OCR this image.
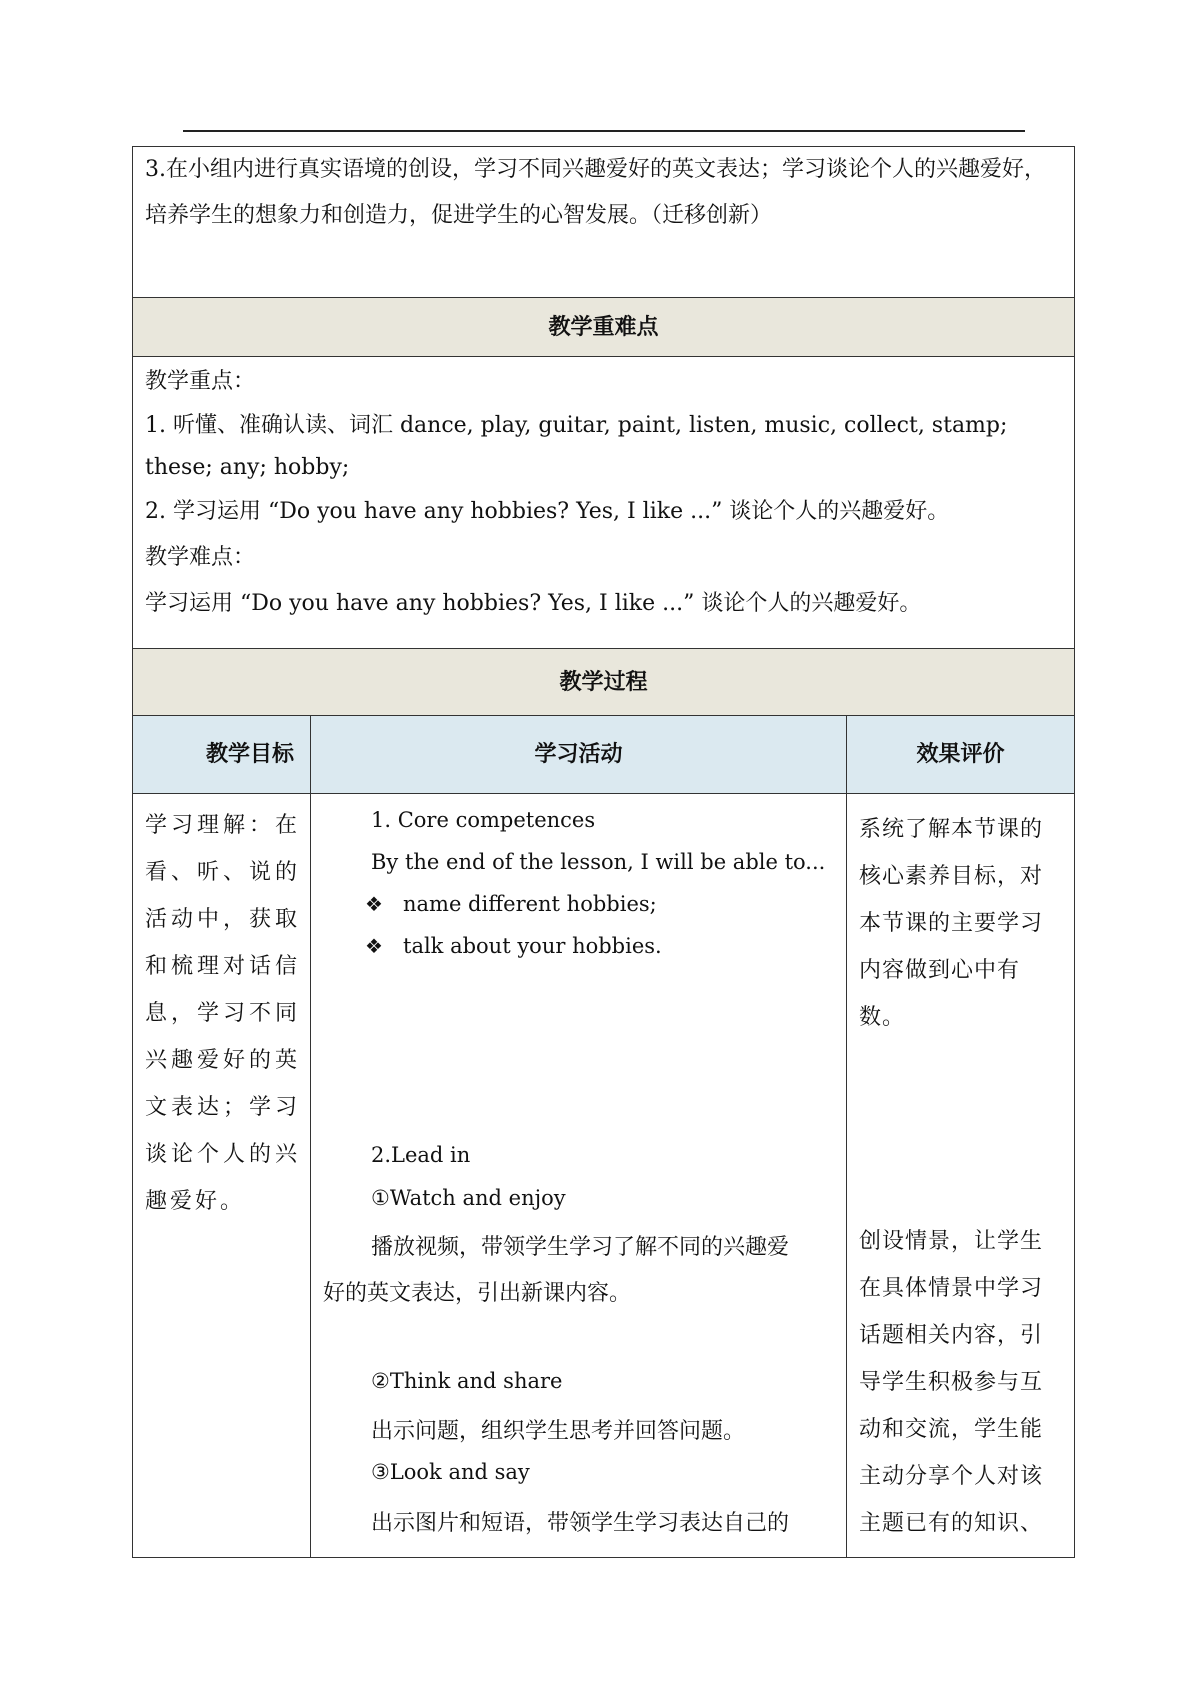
3.在小组内进行真实语境的创设，学习不同兴趣爱好的英文表达；学习谈论个人的兴趣爱好，培养学生的想象力和创造力，促进学生的心智发展。（迁移创新）
教学重难点
教学重点：
1. 听懂、准确认读、词汇 dance, play, guitar, paint, listen, music, collect, stamp; these; any; hobby;
2. 学习运用 “Do you have any hobbies? Yes, I like ...” 谈论个人的兴趣爱好。
教学难点：
学习运用 “Do you have any hobbies? Yes, I like ...” 谈论个人的兴趣爱好。
教学过程
教学目标	学习活动	效果评价
学习理解：在看、听、说的活动中，获取和梳理对话信息，学习不同兴趣爱好的英文表达；学习谈论个人的兴趣爱好。
1. Core competences
By the end of the lesson, I will be able to...
❖ name different hobbies;
❖ talk about your hobbies.
2.Lead in
①Watch and enjoy
播放视频，带领学生学习了解不同的兴趣爱
好的英文表达，引出新课内容。
②Think and share
出示问题，组织学生思考并回答问题。
③Look and say
出示图片和短语，带领学生学习表达自己的
系统了解本节课的核心素养目标，对本节课的主要学习内容做到心中有数。
创设情景，让学生在具体情景中学习话题相关内容，引导学生积极参与互动和交流，学生能主动分享个人对该主题已有的知识、
